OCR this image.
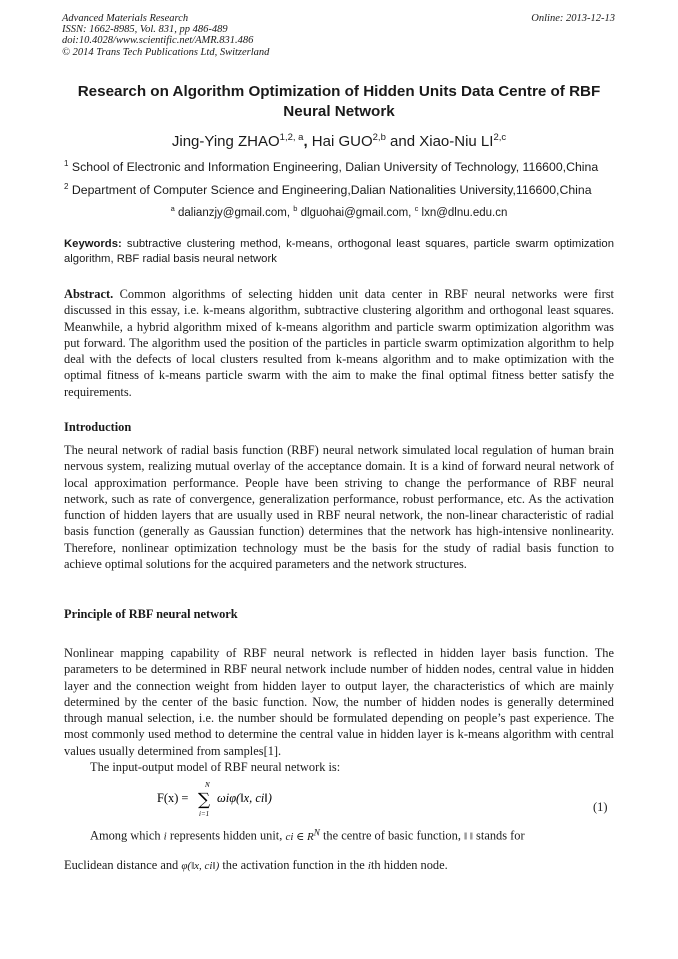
Advanced Materials Research
ISSN: 1662-8985, Vol. 831, pp 486-489
doi:10.4028/www.scientific.net/AMR.831.486
© 2014 Trans Tech Publications Ltd, Switzerland
Online: 2013-12-13
Research on Algorithm Optimization of Hidden Units Data Centre of RBF Neural Network
Jing-Ying ZHAO$^{1,2, a}$, Hai GUO$^{2,b}$ and Xiao-Niu LI$^{2,c}$
$^1$ School of Electronic and Information Engineering, Dalian University of Technology, 116600,China
$^2$ Department of Computer Science and Engineering,Dalian Nationalities University,116600,China
$^a$ dalianzjy@gmail.com, $^b$ dlguohai@gmail.com, $^c$ lxn@dlnu.edu.cn
Keywords: subtractive clustering method, k-means, orthogonal least squares, particle swarm optimization algorithm, RBF radial basis neural network

Abstract. Common algorithms of selecting hidden unit data center in RBF neural networks were first discussed in this essay, i.e. k-means algorithm, subtractive clustering algorithm and orthogonal least squares. Meanwhile, a hybrid algorithm mixed of k-means algorithm and particle swarm optimization algorithm was put forward. The algorithm used the position of the particles in particle swarm optimization algorithm to help deal with the defects of local clusters resulted from k-means algorithm and to make optimization with the optimal fitness of k-means particle swarm with the aim to make the final optimal fitness better satisfy the requirements.

Introduction

The neural network of radial basis function (RBF) neural network simulated local regulation of human brain nervous system, realizing mutual overlay of the acceptance domain. It is a kind of forward neural network of local approximation performance. People have been striving to change the performance of RBF neural network, such as rate of convergence, generalization performance, robust performance, etc. As the activation function of hidden layers that are usually used in RBF neural network, the non-linear characteristic of radial basis function (generally as Gaussian function) determines that the network has high-intensive nonlinearity. Therefore, nonlinear optimization technology must be the basis for the study of radial basis function to achieve optimal solutions for the acquired parameters and the network structures.

Principle of RBF neural network

Nonlinear mapping capability of RBF neural network is reflected in hidden layer basis function. The parameters to be determined in RBF neural network include number of hidden nodes, central value in hidden layer and the connection weight from hidden layer to output layer, the characteristics of which are mainly determined by the center of the basic function. Now, the number of hidden nodes is generally determined through manual selection, i.e. the number should be formulated depending on people’s past experience. The most commonly used method to determine the central value in hidden layer is k-means algorithm with central values usually determined from samples[1].

The input-output model of RBF neural network is:
F(x) =
N
∑
i=1
ωiφ(‖x, ci‖)
(1)
Among which i represents hidden unit, ci ∈ $R^N$ the centre of basic function, ‖ ‖ stands for
Euclidean distance and φ(‖x, ci‖) the activation function in the ith hidden node.
